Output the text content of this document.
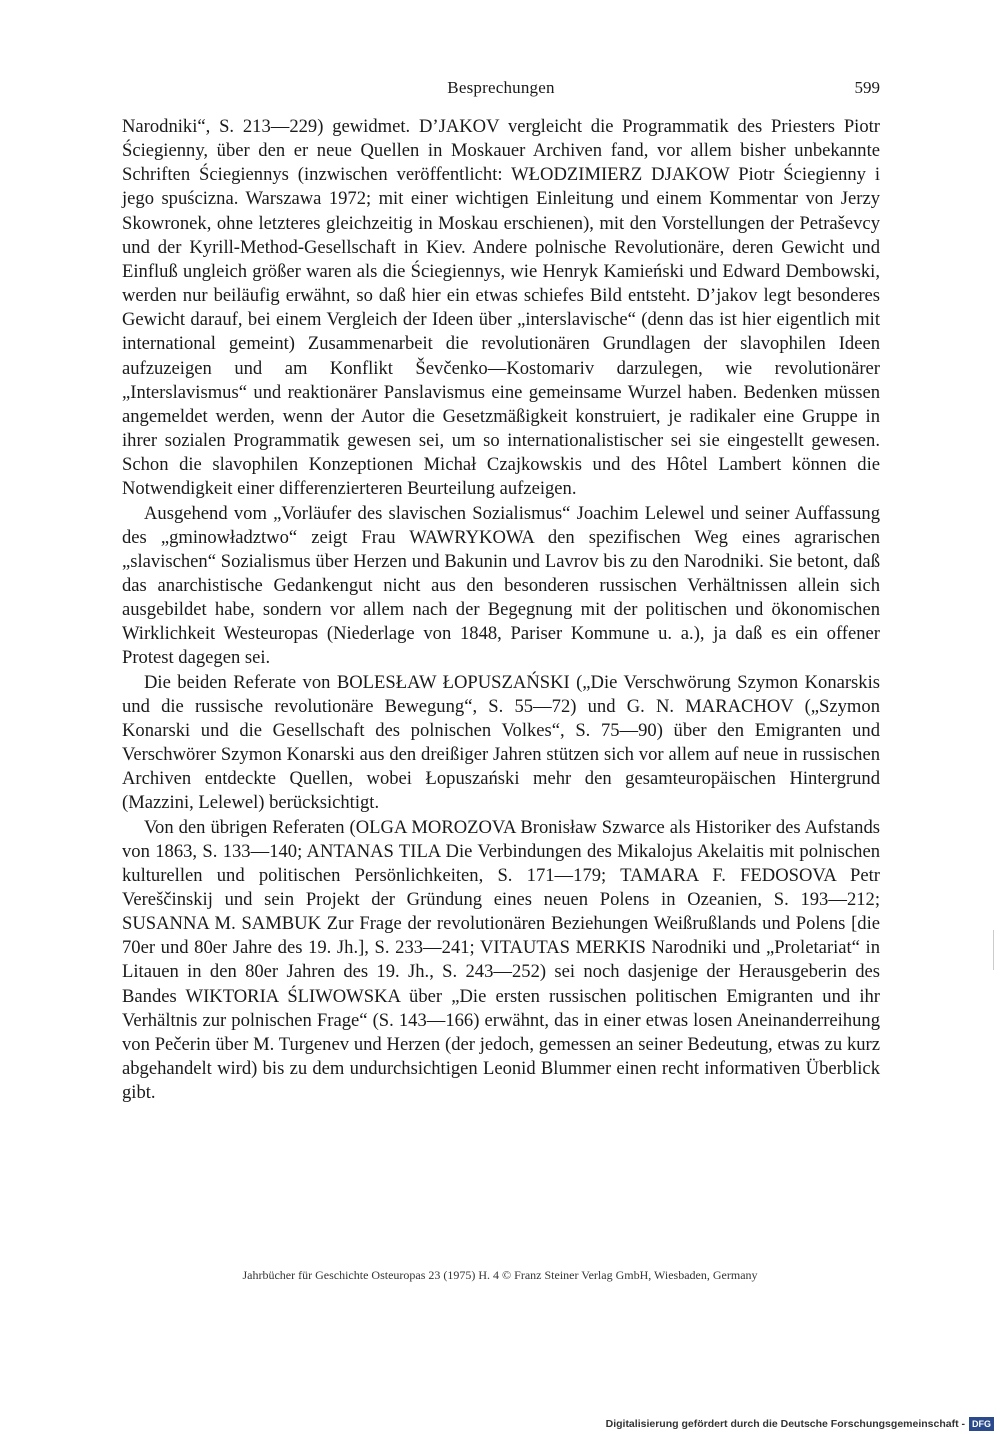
Besprechungen	599

Narodniki“, S. 213—229) gewidmet. D’JAKOV vergleicht die Programmatik des Priesters Piotr Ściegienny, über den er neue Quellen in Moskauer Archiven fand, vor allem bisher unbekannte Schriften Ściegiennys (inzwischen veröffentlicht: WŁODZIMIERZ DJAKOW Piotr Ściegienny i jego spuścizna. Warszawa 1972; mit einer wichtigen Einleitung und einem Kommentar von Jerzy Skowronek, ohne letzteres gleichzeitig in Moskau erschienen), mit den Vorstellungen der Petraševcy und der Kyrill-Method-Gesellschaft in Kiev. Andere polnische Revolutionäre, deren Gewicht und Einfluß ungleich größer waren als die Ściegiennys, wie Henryk Kamieński und Edward Dembowski, werden nur beiläufig erwähnt, so daß hier ein etwas schiefes Bild entsteht. D’jakov legt besonderes Gewicht darauf, bei einem Vergleich der Ideen über „interslavische“ (denn das ist hier eigentlich mit international gemeint) Zusammenarbeit die revolutionären Grundlagen der slavophilen Ideen aufzuzeigen und am Konflikt Ševčenko—Kostomariv darzulegen, wie revolutionärer „Interslavismus“ und reaktionärer Panslavismus eine gemeinsame Wurzel haben. Bedenken müssen angemeldet werden, wenn der Autor die Gesetzmäßigkeit konstruiert, je radikaler eine Gruppe in ihrer sozialen Programmatik gewesen sei, um so internationalistischer sei sie eingestellt gewesen. Schon die slavophilen Konzeptionen Michał Czajkowskis und des Hôtel Lambert können die Notwendigkeit einer differenzierteren Beurteilung aufzeigen.

Ausgehend vom „Vorläufer des slavischen Sozialismus“ Joachim Lelewel und seiner Auffassung des „gminowładztwo“ zeigt Frau WAWRYKOWA den spezifischen Weg eines agrarischen „slavischen“ Sozialismus über Herzen und Bakunin und Lavrov bis zu den Narodniki. Sie betont, daß das anarchistische Gedankengut nicht aus den besonderen russischen Verhältnissen allein sich ausgebildet habe, sondern vor allem nach der Begegnung mit der politischen und ökonomischen Wirklichkeit Westeuropas (Niederlage von 1848, Pariser Kommune u. a.), ja daß es ein offener Protest dagegen sei.

Die beiden Referate von BOLESŁAW ŁOPUSZAŃSKI („Die Verschwörung Szymon Konarskis und die russische revolutionäre Bewegung“, S. 55—72) und G. N. MARACHOV („Szymon Konarski und die Gesellschaft des polnischen Volkes“, S. 75—90) über den Emigranten und Verschwörer Szymon Konarski aus den dreißiger Jahren stützen sich vor allem auf neue in russischen Archiven entdeckte Quellen, wobei Łopuszański mehr den gesamteuropäischen Hintergrund (Mazzini, Lelewel) berücksichtigt.

Von den übrigen Referaten (OLGA MOROZOVA Bronisław Szwarce als Historiker des Aufstands von 1863, S. 133—140; ANTANAS TILA Die Verbindungen des Mikalojus Akelaitis mit polnischen kulturellen und politischen Persönlichkeiten, S. 171—179; TAMARA F. FEDOSOVA Petr Vereščinskij und sein Projekt der Gründung eines neuen Polens in Ozeanien, S. 193—212; SUSANNA M. SAMBUK Zur Frage der revolutionären Beziehungen Weißrußlands und Polens [die 70er und 80er Jahre des 19. Jh.], S. 233—241; VITAUTAS MERKIS Narodniki und „Proletariat“ in Litauen in den 80er Jahren des 19. Jh., S. 243—252) sei noch dasjenige der Herausgeberin des Bandes WIKTORIA ŚLIWOWSKA über „Die ersten russischen politischen Emigranten und ihr Verhältnis zur polnischen Frage“ (S. 143—166) erwähnt, das in einer etwas losen Aneinanderreihung von Pečerin über M. Turgenev und Herzen (der jedoch, gemessen an seiner Bedeutung, etwas zu kurz abgehandelt wird) bis zu dem undurchsichtigen Leonid Blummer einen recht informativen Überblick gibt.

Jahrbücher für Geschichte Osteuropas 23 (1975) H. 4 © Franz Steiner Verlag GmbH, Wiesbaden, Germany
Digitalisierung gefördert durch die Deutsche Forschungsgemeinschaft - DFG
